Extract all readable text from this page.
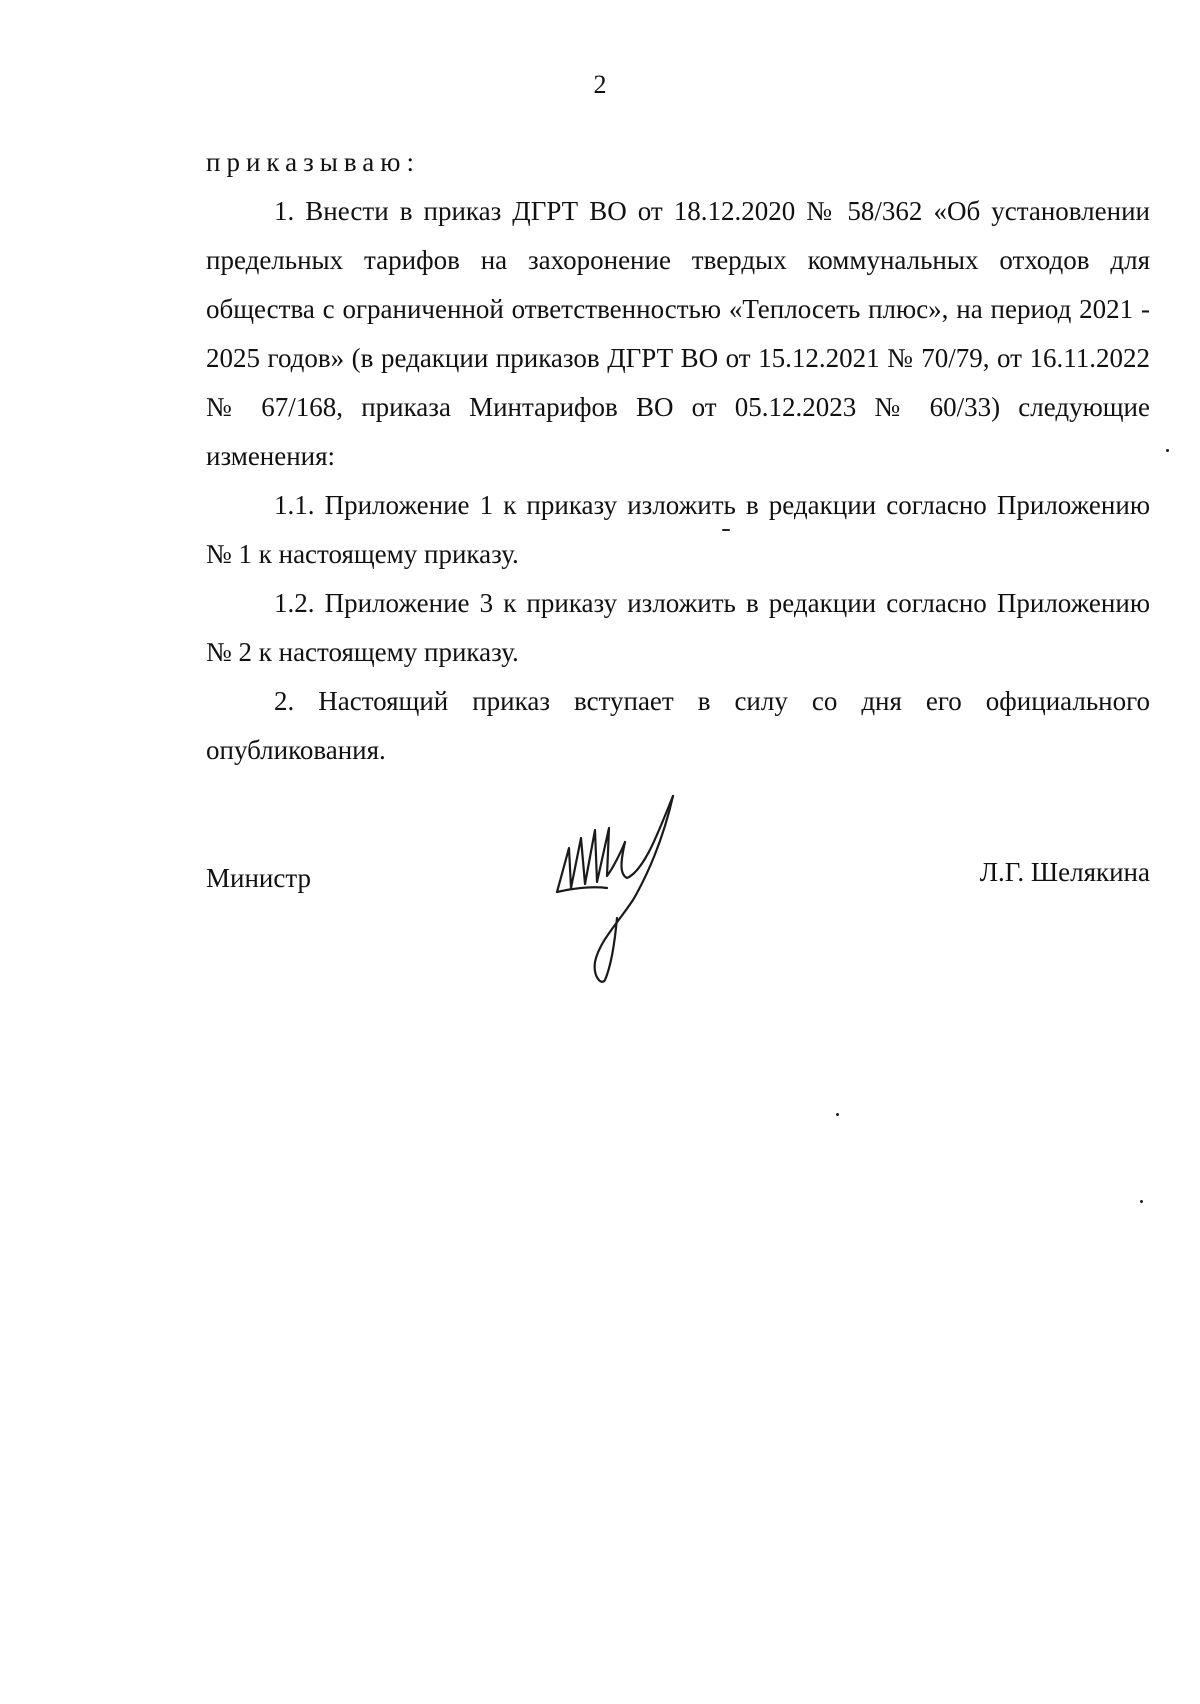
2

приказываю:

1. Внести в приказ ДГРТ ВО от 18.12.2020 № 58/362 «Об установлении предельных тарифов на захоронение твердых коммунальных отходов для общества с ограниченной ответственностью «Теплосеть плюс», на период 2021 - 2025 годов» (в редакции приказов ДГРТ ВО от 15.12.2021 № 70/79, от 16.11.2022 № 67/168, приказа Минтарифов ВО от 05.12.2023 № 60/33) следующие изменения:

1.1. Приложение 1 к приказу изложить в редакции согласно Приложению № 1 к настоящему приказу.

1.2. Приложение 3 к приказу изложить в редакции согласно Приложению № 2 к настоящему приказу.

2. Настоящий приказ вступает в силу со дня его официального опубликования.

Министр	Л.Г. Шелякина
